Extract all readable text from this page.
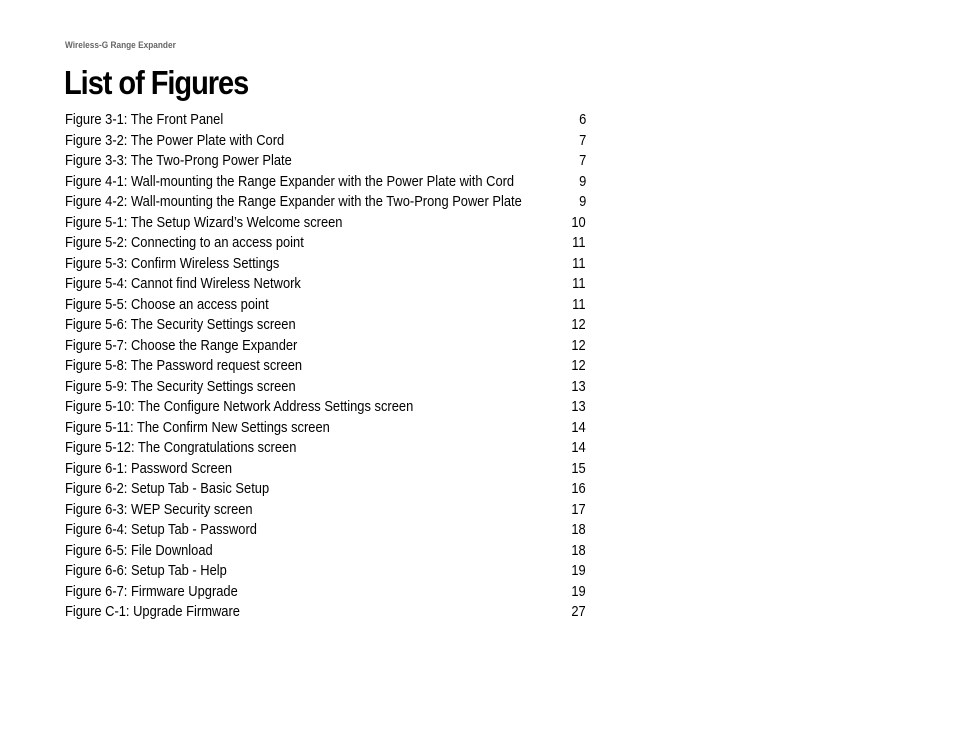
Wireless-G Range Expander
List of Figures
Figure 3-1: The Front Panel	6
Figure 3-2: The Power Plate with Cord	7
Figure 3-3: The Two-Prong Power Plate	7
Figure 4-1: Wall-mounting the Range Expander with the Power Plate with Cord	9
Figure 4-2: Wall-mounting the Range Expander with the Two-Prong Power Plate	9
Figure 5-1: The Setup Wizard’s Welcome screen	10
Figure 5-2: Connecting to an access point	11
Figure 5-3: Confirm Wireless Settings	11
Figure 5-4: Cannot find Wireless Network	11
Figure 5-5: Choose an access point	11
Figure 5-6: The Security Settings screen	12
Figure 5-7: Choose the Range Expander	12
Figure 5-8: The Password request screen	12
Figure 5-9: The Security Settings screen	13
Figure 5-10: The Configure Network Address Settings screen	13
Figure 5-11: The Confirm New Settings screen	14
Figure 5-12: The Congratulations screen	14
Figure 6-1: Password Screen	15
Figure 6-2: Setup Tab - Basic Setup	16
Figure 6-3: WEP Security screen	17
Figure 6-4: Setup Tab - Password	18
Figure 6-5: File Download	18
Figure 6-6: Setup Tab - Help	19
Figure 6-7: Firmware Upgrade	19
Figure C-1: Upgrade Firmware	27
